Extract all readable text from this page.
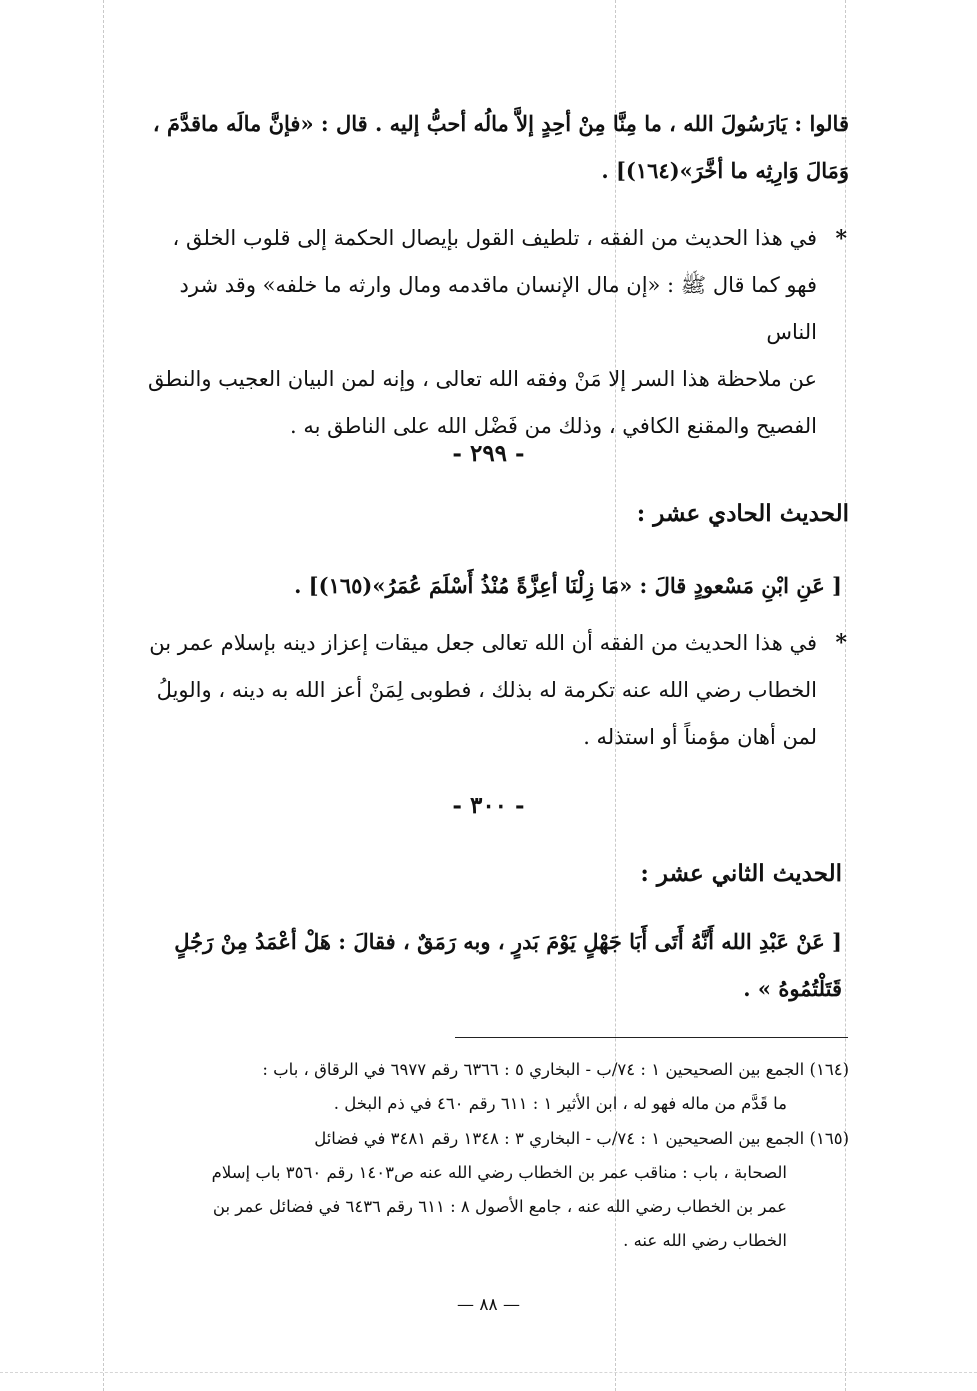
قالوا : يَارَسُولَ الله ، ما مِنَّا مِنْ أحِدٍ إلاَّ مالُه أحبُّ إليه . قال : «فإنَّ مالَه ماقدَّمَ ،
وَمَالَ وَارِثِه ما أخَّرَ»(١٦٤)] .
*
في هذا الحديث من الفقه ، تلطيف القول بإيصال الحكمة إلى قلوب الخلق ،
فهو كما قال ﷺ : «إن مال الإنسان ماقدمه ومال وارثه ما خلفه» وقد شرد الناس
عن ملاحظة هذا السر إلا مَنْ وفقه الله تعالى ، وإنه لمن البيان العجيب والنطق
الفصيح والمقنع الكافي ، وذلك من فَضْل الله على الناطق به .
- ٢٩٩ -
الحديث الحادي عشر :
[ عَنِ ابْنِ مَسْعودٍ قالَ : «مَا زِلْنَا أعِزَّةً مُنْذُ أَسْلَمَ عُمَرُ»(١٦٥)] .
*
في هذا الحديث من الفقه أن الله تعالى جعل ميقات إعزاز دينه بإسلام عمر بن
الخطاب رضي الله عنه تكرمة له بذلك ، فطوبى لِمَنْ أعز الله به دينه ، والويلُ
لمن أهان مؤمناً أو استذله .
- ٣٠٠ -
الحديث الثاني عشر :
[ عَنْ عَبْدِ الله أَنَّهُ أَتَى أَبَا جَهْلٍ يَوْمَ بَدرٍ ، وبه رَمَقٌ ، فقالَ : هَلْ أعْمَدُ مِنْ رَجُلٍ
قَتَلْتُمُوهُ » .
(١٦٤) الجمع بين الصحيحين ١ : ٧٤/ب - البخاري ٥ : ٦٣٦٦ رقم ٦٩٧٧ في الرقاق ، باب :
ما قَدَّم من ماله فهو له ، ابن الأثير ١ : ٦١١ رقم ٤٦٠ في ذم البخل .
(١٦٥) الجمع بين الصحيحين ١ : ٧٤/ب - البخاري ٣ : ١٣٤٨ رقم ٣٤٨١ في فضائل
الصحابة ، باب : مناقب عمر بن الخطاب رضي الله عنه ص١٤٠٣ رقم ٣٥٦٠ باب إسلام
عمر بن الخطاب رضي الله عنه ، جامع الأصول ٨ : ٦١١ رقم ٦٤٣٦ في فضائل عمر بن
الخطاب رضي الله عنه .
— ٨٨ —
